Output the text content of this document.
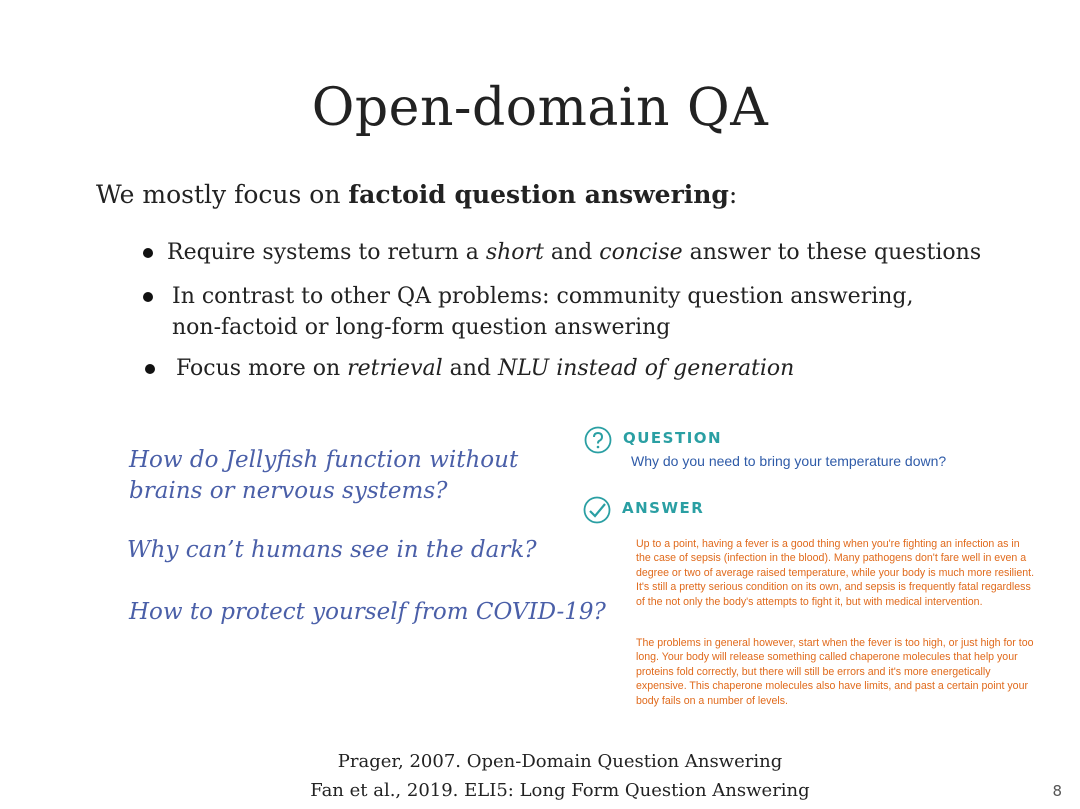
Open-domain QA
We mostly focus on factoid question answering:
Require systems to return a short and concise answer to these questions
In contrast to other QA problems: community question answering,
non-factoid or long-form question answering
Focus more on retrieval and NLU instead of generation
How do Jellyfish function without
brains or nervous systems?
Why can’t humans see in the dark?
How to protect yourself from COVID-19?
QUESTION
Why do you need to bring your temperature down?
ANSWER
Up to a point, having a fever is a good thing when you're fighting an infection as in the case of sepsis (infection in the blood). Many pathogens don't fare well in even a degree or two of average raised temperature, while your body is much more resilient. It's still a pretty serious condition on its own, and sepsis is frequently fatal regardless of the not only the body's attempts to fight it, but with medical intervention.
The problems in general however, start when the fever is too high, or just high for too long. Your body will release something called chaperone molecules that help your proteins fold correctly, but there will still be errors and it's more energetically expensive. This chaperone molecules also have limits, and past a certain point your body fails on a number of levels.
Prager, 2007. Open-Domain Question Answering
Fan et al., 2019. ELI5: Long Form Question Answering	8
